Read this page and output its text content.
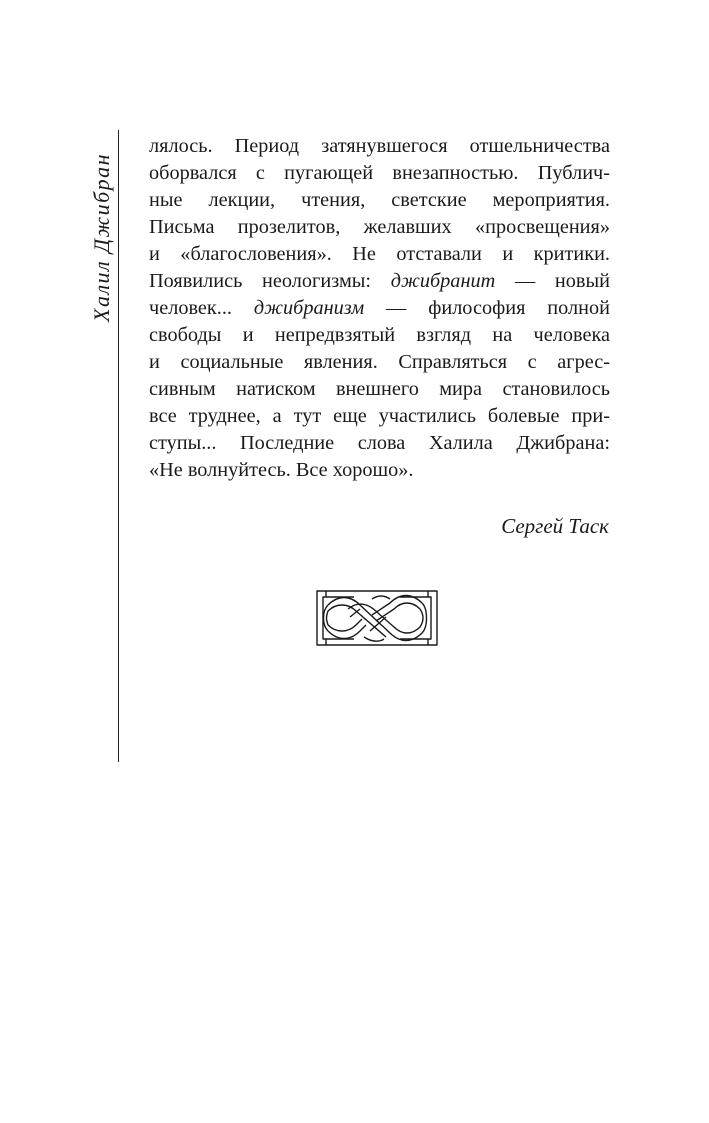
Халил Джибран
лялось. Период затянувшегося отшельничества
оборвался с пугающей внезапностью. Публич-
ные лекции, чтения, светские мероприятия.
Письма прозелитов, желавших «просвещения»
и «благословения». Не отставали и критики.
Появились неологизмы: джибранит — новый
человек... джибранизм — философия полной
свободы и непредвзятый взгляд на человека
и социальные явления. Справляться с агрес-
сивным натиском внешнего мира становилось
все труднее, а тут еще участились болевые при-
ступы... Последние слова Халила Джибрана:
«Не волнуйтесь. Все хорошо».
Сергей Таск
